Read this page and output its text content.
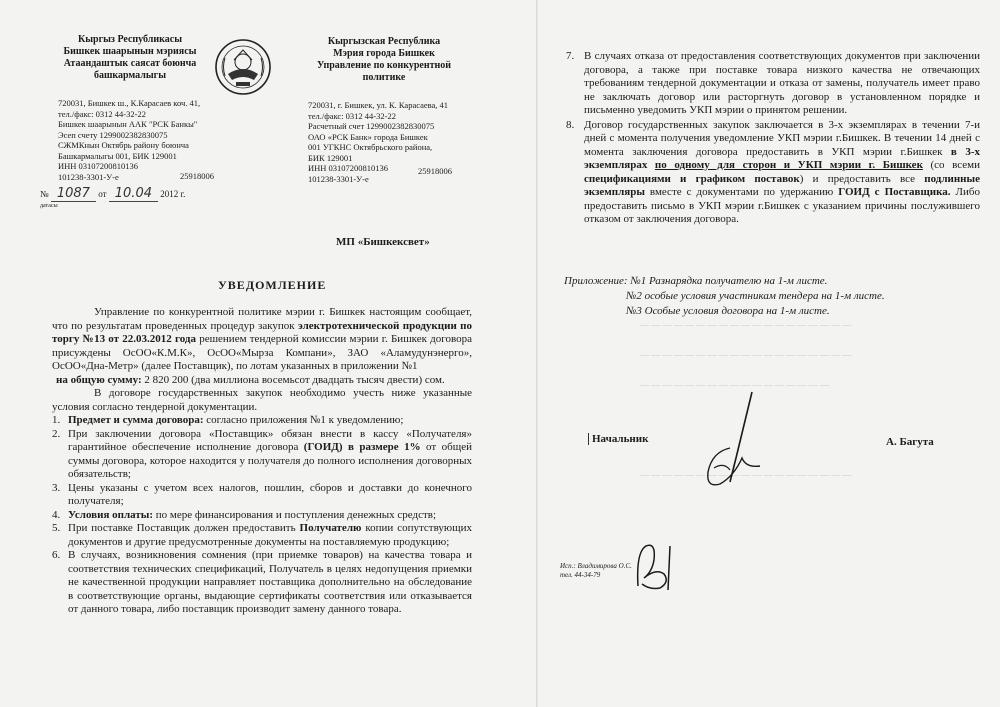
Кыргыз Республикасы
Бишкек шаарынын мэриясы
Атаандаштык саясат боюнча
башкармалыгы
720031, Бишкек ш., К.Карасаев коч. 41,
тел./факс: 0312 44-32-22
Бишкек шаарынын ААК "РСК Банкы"
Эсеп счету 1299002382830075
СЖМКнын Октябрь району боюнча
Башкармалыгы 001, БИК 129001
ИНН 03107200810136
101238-3301-У-е	25918006
Кыргызская Республика
Мэрия города Бишкек
Управление по конкурентной
политике
720031, г. Бишкек, ул. К. Карасаева, 41
тел./факс: 0312 44-32-22
Расчетный счет 1299002382830075
ОАО «РСК Банк» города Бишкек
001 УГКНС Октябрьского района,
БИК 129001
ИНН 03107200810136
101238-3301-У-е
25918006
№ 1087 от 10.04 2012 г.
датасы
МП «Бишкексвет»
УВЕДОМЛЕНИЕ

Управление по конкурентной политике мэрии г. Бишкек настоящим сообщает, что по результатам проведенных процедур закупок электротехнической продукции по торгу №13 от 22.03.2012 года решением тендерной комиссии мэрии г. Бишкек договора присуждены ОсОО«К.М.К», ОсОО«Мырза Компани», ЗАО «Аламудунэнерго», ОсОО«Дна-Метр» (далее Поставщик), по лотам указанных в приложении №1

на общую сумму: 2 820 200 (два миллиона восемьсот двадцать тысяч двести) сом.

В договоре государственных закупок необходимо учесть ниже указанные условия согласно тендерной документации.

1. Предмет и сумма договора: согласно приложения №1 к уведомлению;
2. При заключении договора «Поставщик» обязан внести в кассу «Получателя» гарантийное обеспечение исполнение договора (ГОИД) в размере 1% от общей суммы договора, которое находится у получателя до полного исполнения договорных обязательств;
3. Цены указаны с учетом всех налогов, пошлин, сборов и доставки до конечного получателя;
4. Условия оплаты: по мере финансирования и поступления денежных средств;
5. При поставке Поставщик должен предоставить Получателю копии сопутствующих документов и другие предусмотренные документы на поставляемую продукцию;
6. В случаях, возникновения сомнения (при приемке товаров) на качества товара и соответствия технических спецификаций, Получатель в целях недопущения приемки не качественной продукции направляет поставщика дополнительно на обследование в соответствующие органы, выдающие сертификаты соответствия или отказывается от данного товара, либо поставщик производит замену данного товара.
7. В случаях отказа от предоставления соответствующих документов при заключении договора, а также при поставке товара низкого качества не отвечающих требованиям тендерной документации и отказа от замены, получатель имеет право не заключать договор или расторгнуть договор в установленном порядке и письменно уведомить УКП мэрии о принятом решении.
8. Договор государственных закупок заключается в 3-х экземплярах в течении 7-и дней с момента получения уведомление УКП мэрии г.Бишкек. В течении 14 дней с момента заключения договора предоставить в УКП мэрии г.Бишкек в 3-х экземплярах по одному для сторон и УКП мэрии г. Бишкек (со всеми спецификациями и графиком поставок) и предоставить все подлинные экземпляры вместе с документами по удержанию ГОИД с Поставщика. Либо предоставить письмо в УКП мэрии г.Бишкек с указанием причины послужившего отказом от заключения договора.
— — — — — — — — — — — — — — — — — — —
— — — — — — — — — — — — — — — — — — —
— — — — — — — — — — — — — — — — —
— — — — — — — — — — — — — — — — — — —
Приложение: №1 Разнарядка получателю на 1-м листе.
№2 особые условия участникам тендера на 1-м листе.
№3 Особые условия договора на 1-м листе.
Начальник	А. Багута
Исп.: Владимирова О.С.
тел. 44-34-79
